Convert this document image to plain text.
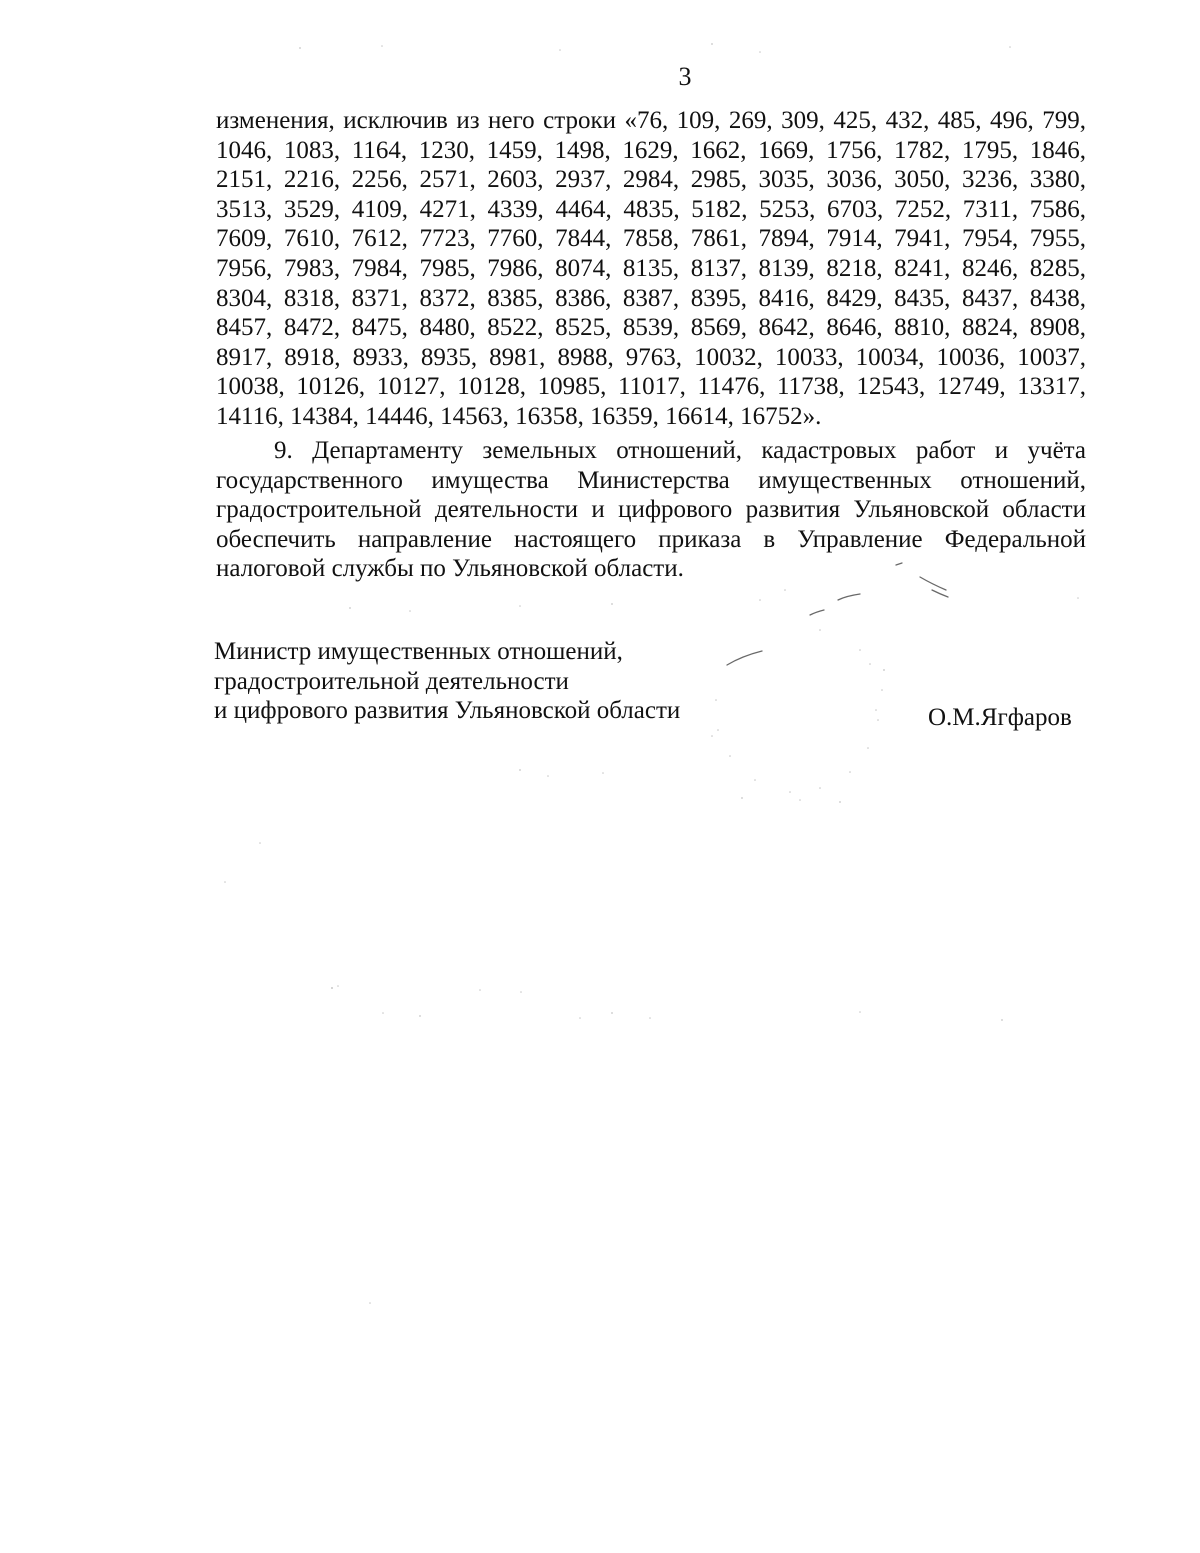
3
изменения, исключив из него строки «76, 109, 269, 309, 425, 432, 485, 496, 799,
1046, 1083, 1164, 1230, 1459, 1498, 1629, 1662, 1669, 1756, 1782, 1795, 1846,
2151, 2216, 2256, 2571, 2603, 2937, 2984, 2985, 3035, 3036, 3050, 3236, 3380,
3513, 3529, 4109, 4271, 4339, 4464, 4835, 5182, 5253, 6703, 7252, 7311, 7586,
7609, 7610, 7612, 7723, 7760, 7844, 7858, 7861, 7894, 7914, 7941, 7954, 7955,
7956, 7983, 7984, 7985, 7986, 8074, 8135, 8137, 8139, 8218, 8241, 8246, 8285,
8304, 8318, 8371, 8372, 8385, 8386, 8387, 8395, 8416, 8429, 8435, 8437, 8438,
8457, 8472, 8475, 8480, 8522, 8525, 8539, 8569, 8642, 8646, 8810, 8824, 8908,
8917, 8918, 8933, 8935, 8981, 8988, 9763, 10032, 10033, 10034, 10036, 10037,
10038, 10126, 10127, 10128, 10985, 11017, 11476, 11738, 12543, 12749, 13317,
14116, 14384, 14446, 14563, 16358, 16359, 16614, 16752».
9. Департаменту земельных отношений, кадастровых работ и учёта
государственного имущества Министерства имущественных отношений,
градостроительной деятельности и цифрового развития Ульяновской области
обеспечить направление настоящего приказа в Управление Федеральной
налоговой службы по Ульяновской области.
Министр имущественных отношений,
градостроительной деятельности
и цифрового развития Ульяновской области	О.М.Ягфаров
